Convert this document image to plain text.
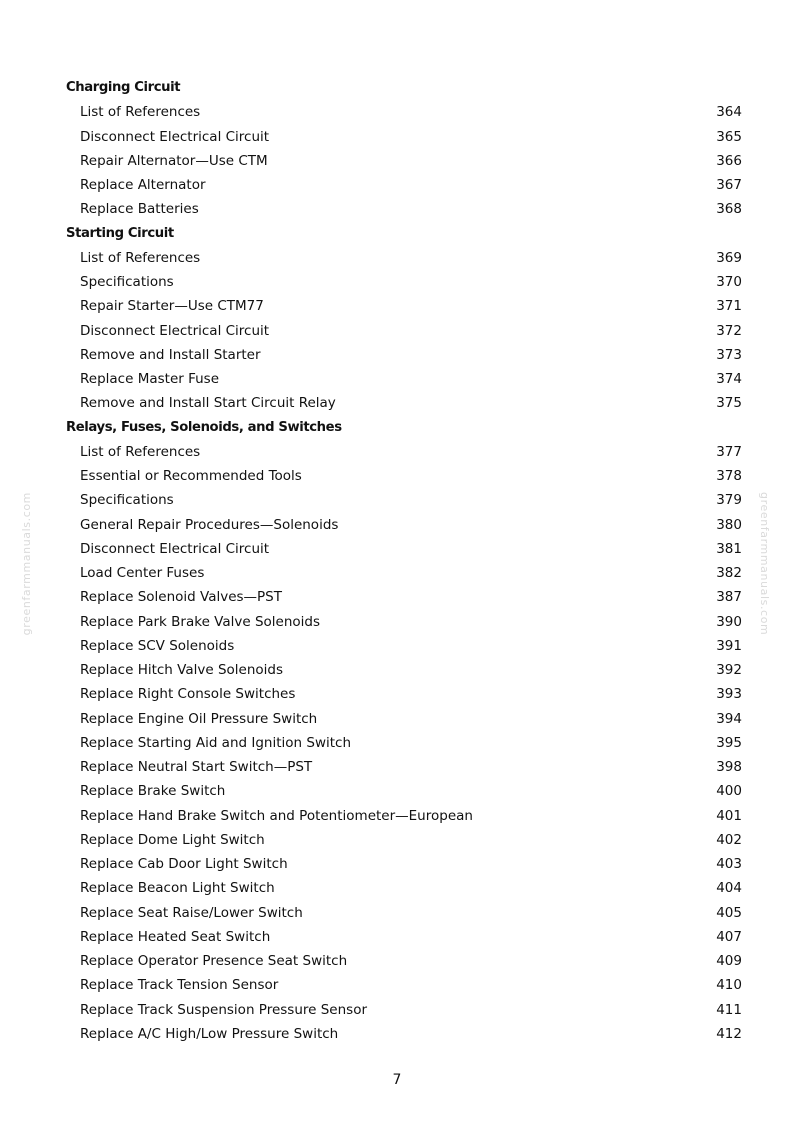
greenfarmmanuals.com	greenfarmmanuals.com
Charging Circuit
List of References	364
Disconnect Electrical Circuit	365
Repair Alternator—Use CTM	366
Replace Alternator	367
Replace Batteries	368
Starting Circuit
List of References	369
Specifications	370
Repair Starter—Use CTM77	371
Disconnect Electrical Circuit	372
Remove and Install Starter	373
Replace Master Fuse	374
Remove and Install Start Circuit Relay	375
Relays, Fuses, Solenoids, and Switches
List of References	377
Essential or Recommended Tools	378
Specifications	379
General Repair Procedures—Solenoids	380
Disconnect Electrical Circuit	381
Load Center Fuses	382
Replace Solenoid Valves—PST	387
Replace Park Brake Valve Solenoids	390
Replace SCV Solenoids	391
Replace Hitch Valve Solenoids	392
Replace Right Console Switches	393
Replace Engine Oil Pressure Switch	394
Replace Starting Aid and Ignition Switch	395
Replace Neutral Start Switch—PST	398
Replace Brake Switch	400
Replace Hand Brake Switch and Potentiometer—European	401
Replace Dome Light Switch	402
Replace Cab Door Light Switch	403
Replace Beacon Light Switch	404
Replace Seat Raise/Lower Switch	405
Replace Heated Seat Switch	407
Replace Operator Presence Seat Switch	409
Replace Track Tension Sensor	410
Replace Track Suspension Pressure Sensor	411
Replace A/C High/Low Pressure Switch	412
7
